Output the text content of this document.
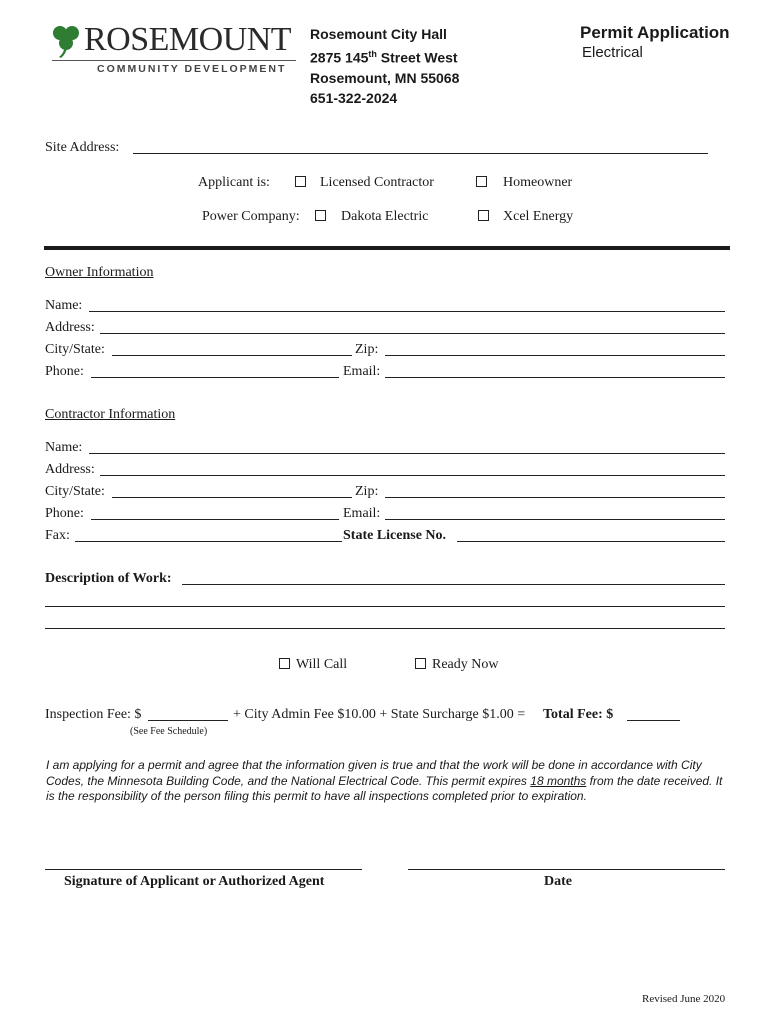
ROSEMOUNT
COMMUNITY DEVELOPMENT
Rosemount City Hall
2875 145th Street West
Rosemount, MN 55068
651-322-2024
Permit Application
Electrical
Site Address:
Applicant is:	Licensed Contractor	Homeowner
Power Company:	Dakota Electric	Xcel Energy
Owner Information
Name:
Address:
City/State:	Zip:
Phone:	Email:
Contractor Information
Name:
Address:
City/State:	Zip:
Phone:	Email:
Fax:	State License No.
Description of Work:
Will Call	Ready Now
Inspection Fee: $	+ City Admin Fee $10.00 + State Surcharge $1.00 = Total Fee: $
(See Fee Schedule)
I am applying for a permit and agree that the information given is true and that the work will be done in accordance with City Codes, the Minnesota Building Code, and the National Electrical Code. This permit expires 18 months from the date received. It is the responsibility of the person filing this permit to have all inspections completed prior to expiration.
Signature of Applicant or Authorized Agent	Date
Revised June 2020
